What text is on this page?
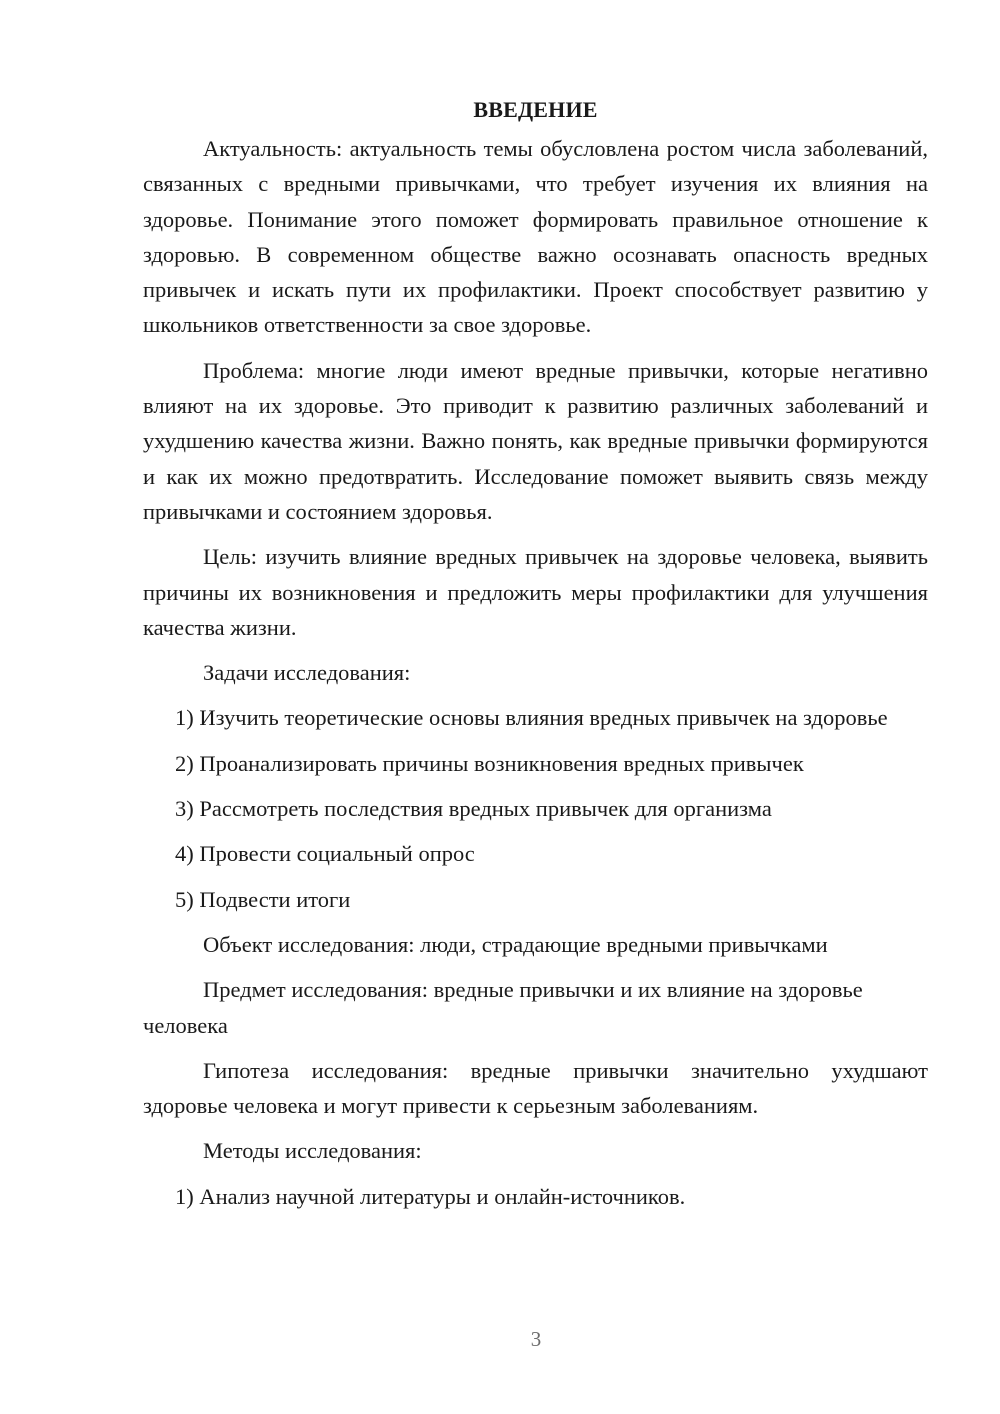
ВВЕДЕНИЕ

Актуальность: актуальность темы обусловлена ростом числа заболеваний, связанных с вредными привычками, что требует изучения их влияния на здоровье. Понимание этого поможет формировать правильное отношение к здоровью. В современном обществе важно осознавать опасность вредных привычек и искать пути их профилактики. Проект способствует развитию у школьников ответственности за свое здоровье.

Проблема: многие люди имеют вредные привычки, которые негативно влияют на их здоровье. Это приводит к развитию различных заболеваний и ухудшению качества жизни. Важно понять, как вредные привычки формируются и как их можно предотвратить. Исследование поможет выявить связь между привычками и состоянием здоровья.

Цель: изучить влияние вредных привычек на здоровье человека, выявить причины их возникновения и предложить меры профилактики для улучшения качества жизни.

Задачи исследования:

1) Изучить теоретические основы влияния вредных привычек на здоровье

2) Проанализировать причины возникновения вредных привычек

3) Рассмотреть последствия вредных привычек для организма

4) Провести социальный опрос

5) Подвести итоги

Объект исследования: люди, страдающие вредными привычками

Предмет исследования: вредные привычки и их влияние на здоровье человека

Гипотеза исследования: вредные привычки значительно ухудшают здоровье человека и могут привести к серьезным заболеваниям.

Методы исследования:

1) Анализ научной литературы и онлайн-источников.

3
